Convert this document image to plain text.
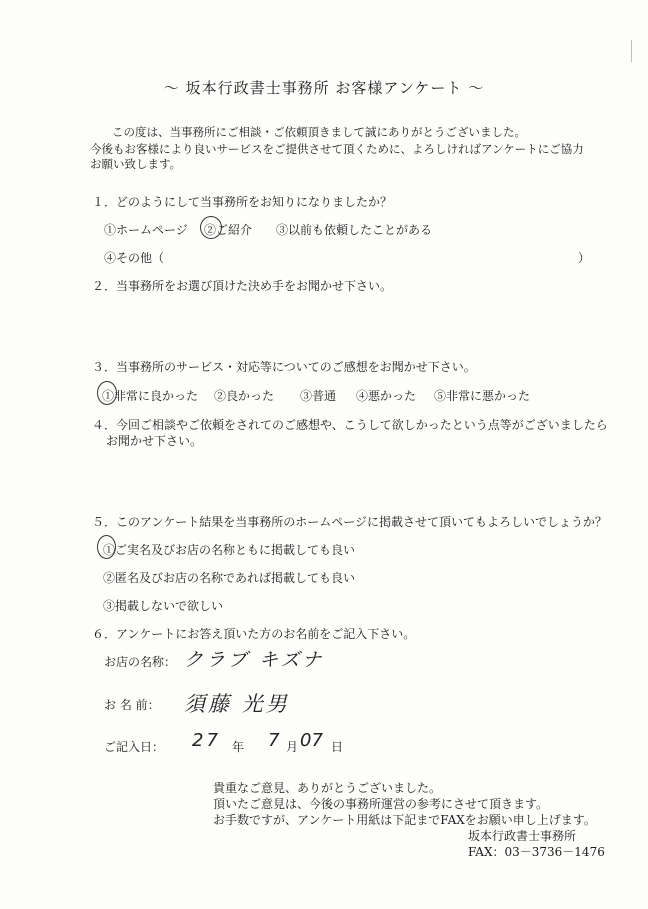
～ 坂本行政書士事務所 お客様アンケート ～
この度は、当事務所にご相談・ご依頼頂きまして誠にありがとうございました。
今後もお客様により良いサービスをご提供させて頂くために、よろしければアンケートにご協力
お願い致します。
１．どのようにして当事務所をお知りになりましたか？
①ホームページ ②ご紹介 ③以前も依頼したことがある
④その他（	）
２．当事務所をお選び頂けた決め手をお聞かせ下さい。
３．当事務所のサービス・対応等についてのご感想をお聞かせ下さい。
①非常に良かった ②良かった ③普通 ④悪かった ⑤非常に悪かった
４．今回ご相談やご依頼をされてのご感想や、こうして欲しかったという点等がございましたら
お聞かせ下さい。
５．このアンケート結果を当事務所のホームページに掲載させて頂いてもよろしいでしょうか？
①ご実名及びお店の名称ともに掲載しても良い
②匿名及びお店の名称であれば掲載しても良い
③掲載しないで欲しい
６．アンケートにお答え頂いた方のお名前をご記入下さい。
お店の名称： クラブ キズナ
お 名 前： 須藤 光男
ご記入日： 27 年 7 月 07 日
貴重なご意見、ありがとうございました。
頂いたご意見は、今後の事務所運営の参考にさせて頂きます。
お手数ですが、アンケート用紙は下記までFAXをお願い申し上げます。
坂本行政書士事務所
FAX：03－3736－1476
